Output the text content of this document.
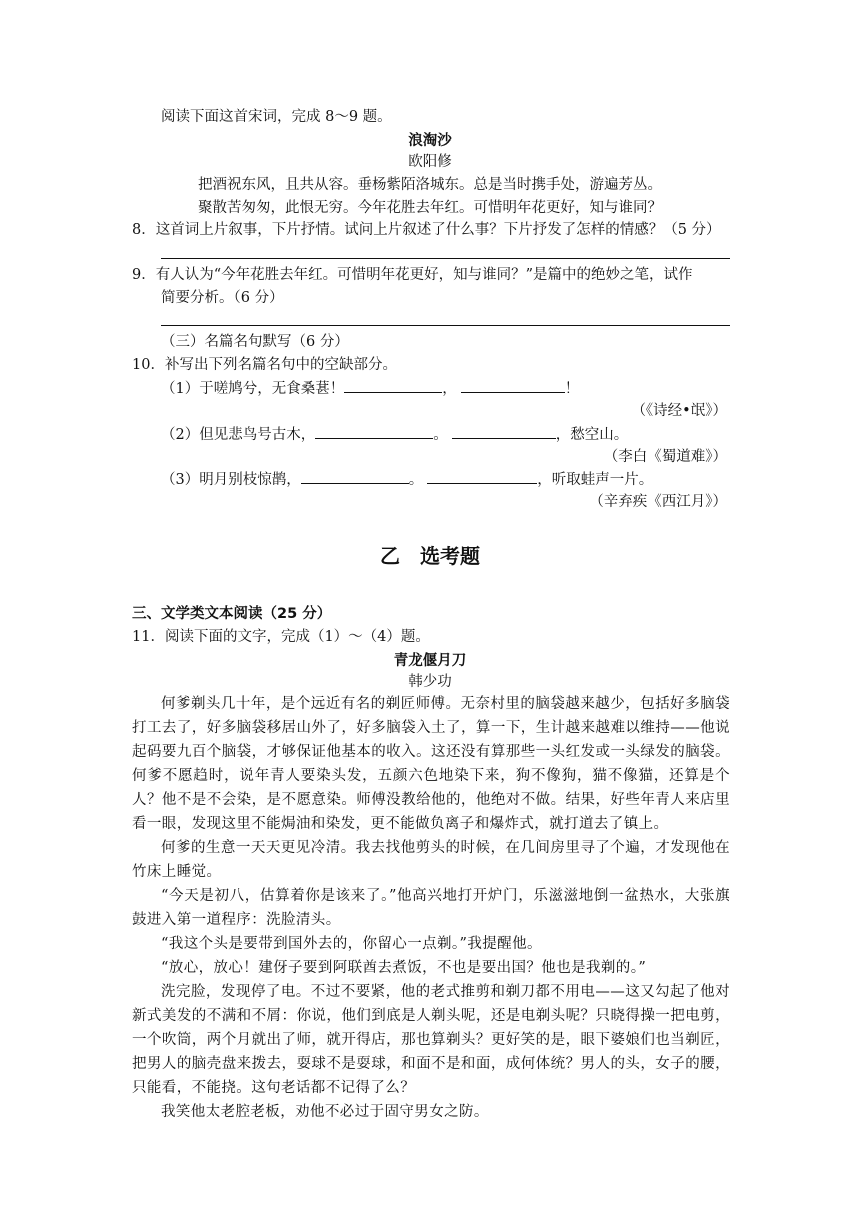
阅读下面这首宋词，完成 8～9 题。
浪淘沙
欧阳修
把酒祝东风，且共从容。垂杨紫陌洛城东。总是当时携手处，游遍芳丛。
聚散苦匆匆，此恨无穷。今年花胜去年红。可惜明年花更好，知与谁同？
8．这首词上片叙事，下片抒情。试问上片叙述了什么事？下片抒发了怎样的情感？（5 分）
9．有人认为“今年花胜去年红。可惜明年花更好，知与谁同？”是篇中的绝妙之笔，试作
简要分析。（6 分）
（三）名篇名句默写（6 分）
10．补写出下列名篇名句中的空缺部分。
（1）于嗟鸠兮，无食桑葚！	，	！
（《诗经•氓》）
（2）但见悲鸟号古木，	。	，愁空山。
（李白《蜀道难》）
（3）明月别枝惊鹊，	。	，听取蛙声一片。
（辛弃疾《西江月》）
乙　选考题
三、文学类文本阅读（25 分）
11．阅读下面的文字，完成（1）～（4）题。
青龙偃月刀
韩少功

何爹剃头几十年，是个远近有名的剃匠师傅。无奈村里的脑袋越来越少，包括好多脑袋打工去了，好多脑袋移居山外了，好多脑袋入土了，算一下，生计越来越难以维持——他说起码要九百个脑袋，才够保证他基本的收入。这还没有算那些一头红发或一头绿发的脑袋。何爹不愿趋时，说年青人要染头发，五颜六色地染下来，狗不像狗，猫不像猫，还算是个人？他不是不会染，是不愿意染。师傅没教给他的，他绝对不做。结果，好些年青人来店里看一眼，发现这里不能焗油和染发，更不能做负离子和爆炸式，就打道去了镇上。

何爹的生意一天天更见冷清。我去找他剪头的时候，在几间房里寻了个遍，才发现他在竹床上睡觉。

“今天是初八，估算着你是该来了。”他高兴地打开炉门，乐滋滋地倒一盆热水，大张旗鼓进入第一道程序：洗脸清头。

“我这个头是要带到国外去的，你留心一点剃。”我提醒他。

“放心，放心！建伢子要到阿联酋去煮饭，不也是要出国？他也是我剃的。”

洗完脸，发现停了电。不过不要紧，他的老式推剪和剃刀都不用电——这又勾起了他对新式美发的不满和不屑：你说，他们到底是人剃头呢，还是电剃头呢？只晓得操一把电剪，一个吹筒，两个月就出了师，就开得店，那也算剃头？更好笑的是，眼下婆娘们也当剃匠，把男人的脑壳盘来拨去，耍球不是耍球，和面不是和面，成何体统？男人的头，女子的腰，只能看，不能挠。这句老话都不记得了么？

我笑他太老腔老板，劝他不必过于固守男女之防。
